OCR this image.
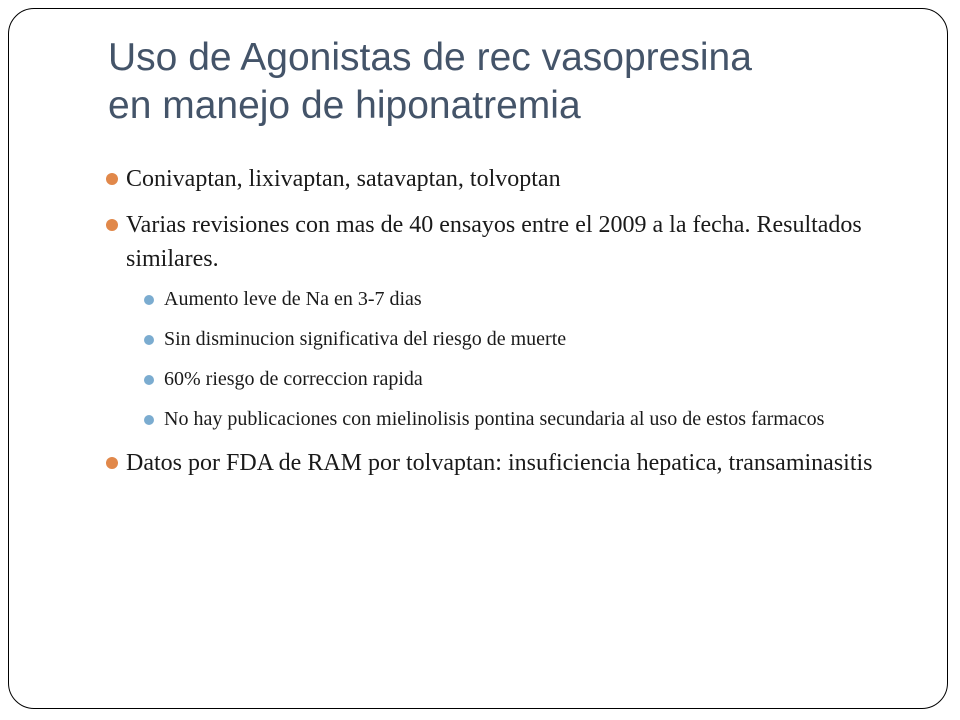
Uso de Agonistas de rec vasopresina
en manejo de hiponatremia
Conivaptan, lixivaptan, satavaptan, tolvoptan
Varias revisiones con mas de 40 ensayos entre el 2009 a la fecha. Resultados similares.
Aumento leve de Na en 3-7 dias
Sin disminucion significativa del riesgo de muerte
60% riesgo de correccion rapida
No hay publicaciones con mielinolisis pontina secundaria al uso de estos farmacos
Datos por FDA de RAM por tolvaptan: insuficiencia hepatica, transaminasitis
